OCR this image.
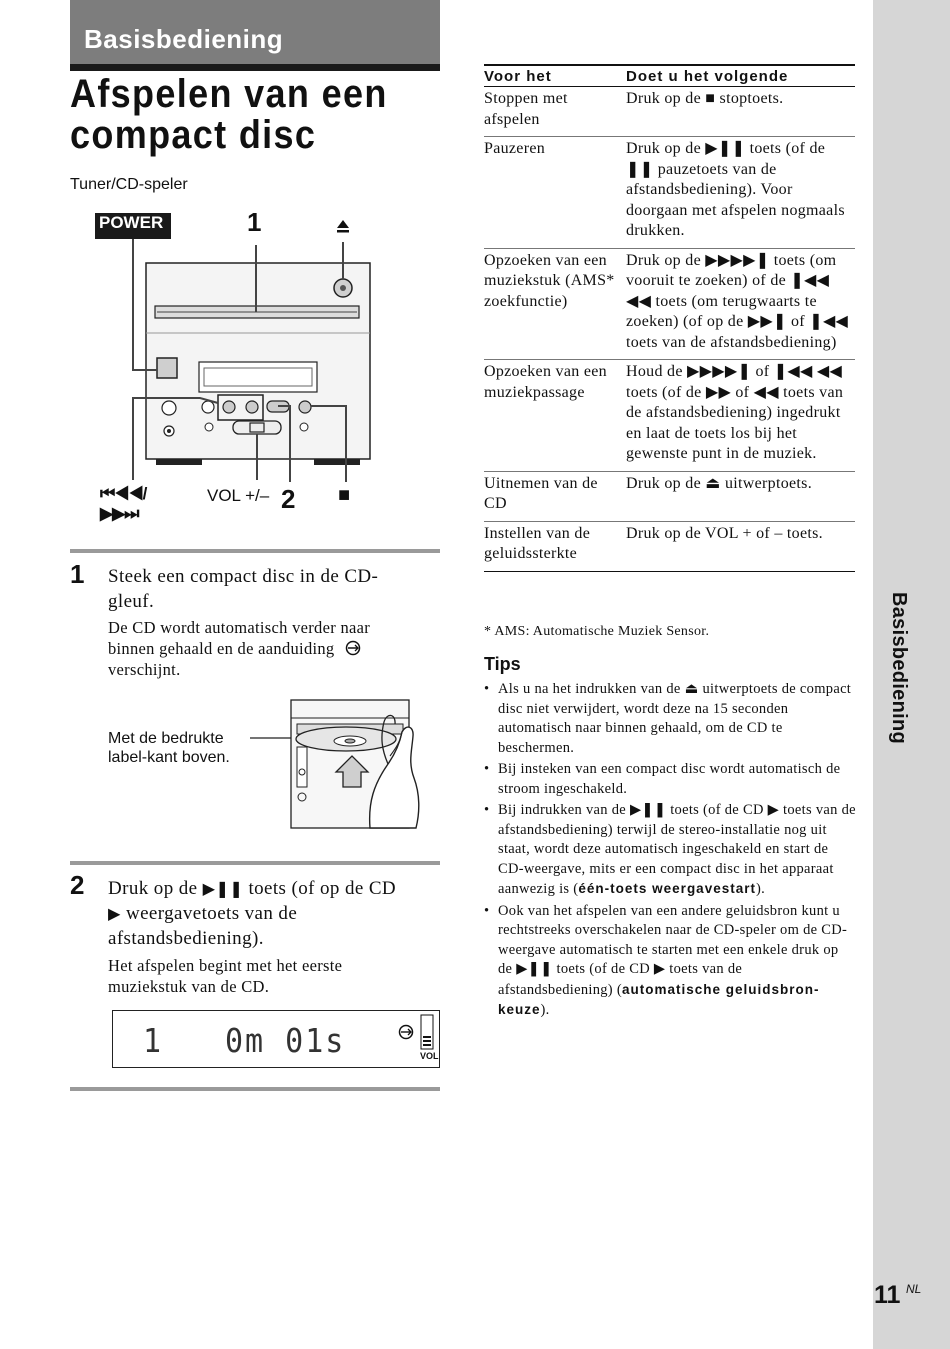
Basisbediening
Afspelen van een
compact disc
Tuner/CD-speler
POWER	1
⏮◀◀/
▶▶⏭
VOL +/– 2 ■
1 Steek een compact disc in de CD-
gleuf.
De CD wordt automatisch verder naar
binnen gehaald en de aanduiding
verschijnt.
Met de bedrukte
label-kant boven.
2 Druk op de ▶❚❚ toets (of op de CD
▶ weergavetoets van de
afstandsbediening).
Het afspelen begint met het eerste
muziekstuk van de CD.
1 0m 01s	VOL
Voor het	Doet u het volgende
Stoppen met afspelen	Druk op de ■ stoptoets.
Pauzeren	Druk op de ▶❚❚ toets (of de ❚❚ pauzetoets van de afstandsbediening). Voor doorgaan met afspelen nogmaals drukken.
Opzoeken van een muziekstuk (AMS* zoekfunctie)	Druk op de ▶▶▶▶❚ toets (om vooruit te zoeken) of de ❚◀◀ ◀◀ toets (om terugwaarts te zoeken) (of op de ▶▶❚ of ❚◀◀ toets van de afstandsbediening)
Opzoeken van een muziekpassage	Houd de ▶▶▶▶❚ of ❚◀◀ ◀◀ toets (of de ▶▶ of ◀◀ toets van de afstandsbediening) ingedrukt en laat de toets los bij het gewenste punt in de muziek.
Uitnemen van de CD	Druk op de ⏏ uitwerptoets.
Instellen van de geluidssterkte	Druk op de VOL + of – toets.
* AMS: Automatische Muziek Sensor.
Tips
• Als u na het indrukken van de ⏏ uitwerptoets de compact disc niet verwijdert, wordt deze na 15 seconden automatisch naar binnen gehaald, om de CD te beschermen.
• Bij insteken van een compact disc wordt automatisch de stroom ingeschakeld.
• Bij indrukken van de ▶❚❚ toets (of de CD ▶ toets van de afstandsbediening) terwijl de stereo-installatie nog uit staat, wordt deze automatisch ingeschakeld en start de CD-weergave, mits er een compact disc in het apparaat aanwezig is (één-toets weergavestart).
• Ook van het afspelen van een andere geluidsbron kunt u rechtstreeks overschakelen naar de CD-speler om de CD-weergave automatisch te starten met een enkele druk op de ▶❚❚ toets (of de CD ▶ toets van de afstandsbediening) (automatische geluidsbron-keuze).
Basisbediening
11 NL
